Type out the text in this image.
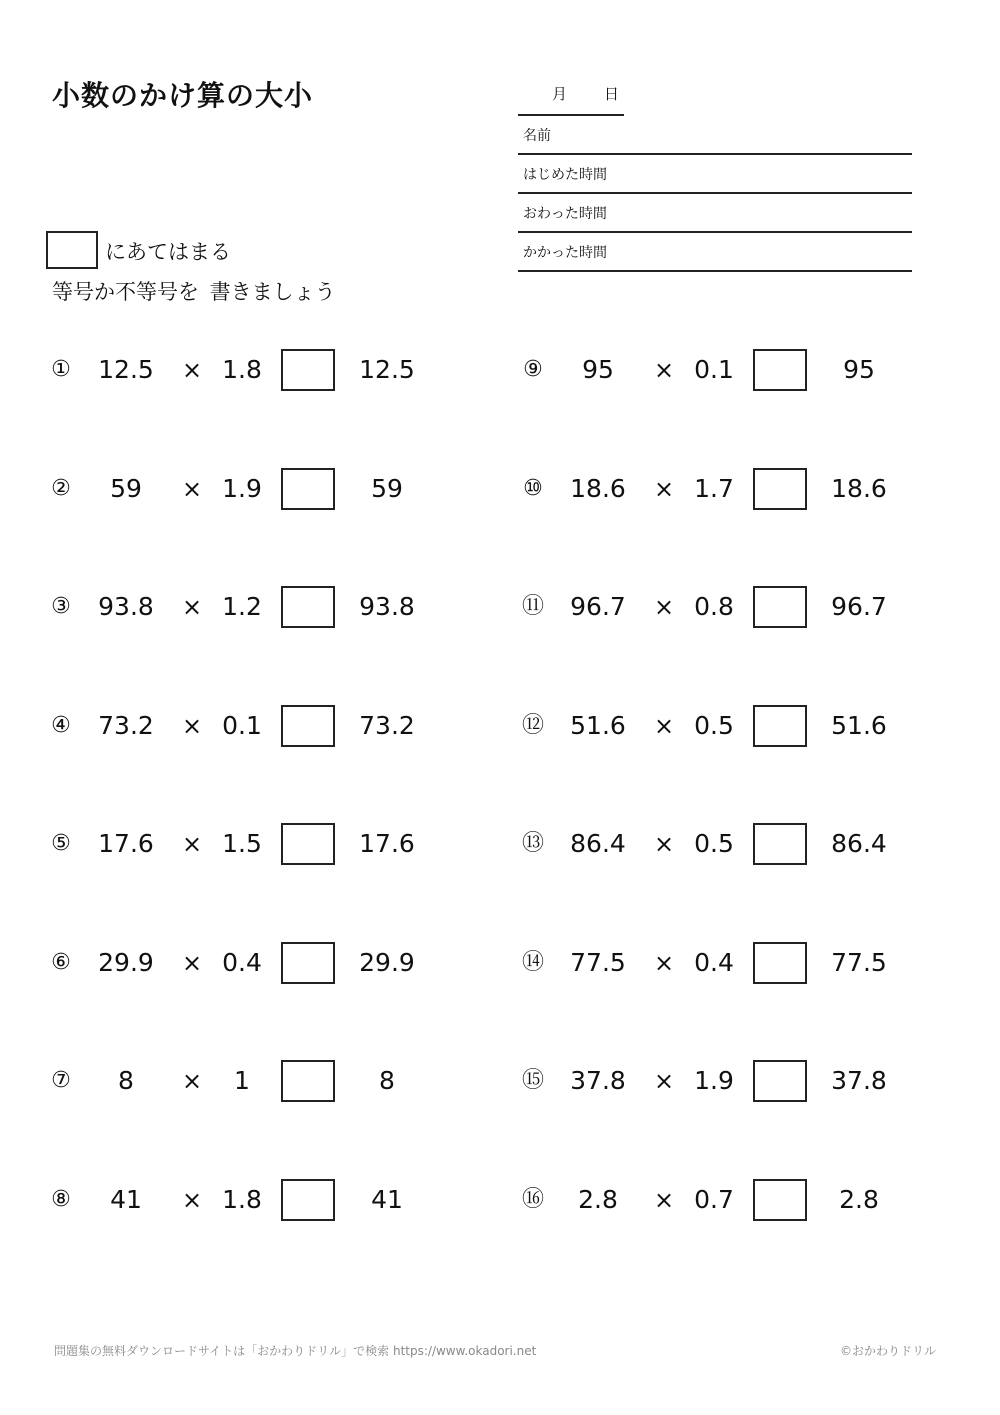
小数のかけ算の大小	月 日
名前
はじめた時間
おわった時間
かかった時間
にあてはまる
等号か不等号を 書きましょう
①	12.5	× 1.8	12.5
②	59	× 1.9	59
③	93.8	× 1.2	93.8
④	73.2	× 0.1	73.2
⑤	17.6	× 1.5	17.6
⑥	29.9	× 0.4	29.9
⑦	8	×	1	8
⑧	41	× 1.8	41
⑨	95	× 0.1	95
⑩	18.6	× 1.7	18.6
⑪	96.7	× 0.8	96.7
⑫	51.6	× 0.5	51.6
⑬	86.4	× 0.5	86.4
⑭	77.5	× 0.4	77.5
⑮	37.8	× 1.9	37.8
⑯	2.8	× 0.7	2.8
問題集の無料ダウンロードサイトは「おかわりドリル」で検索 https://www.okadori.net	©おかわりドリル
